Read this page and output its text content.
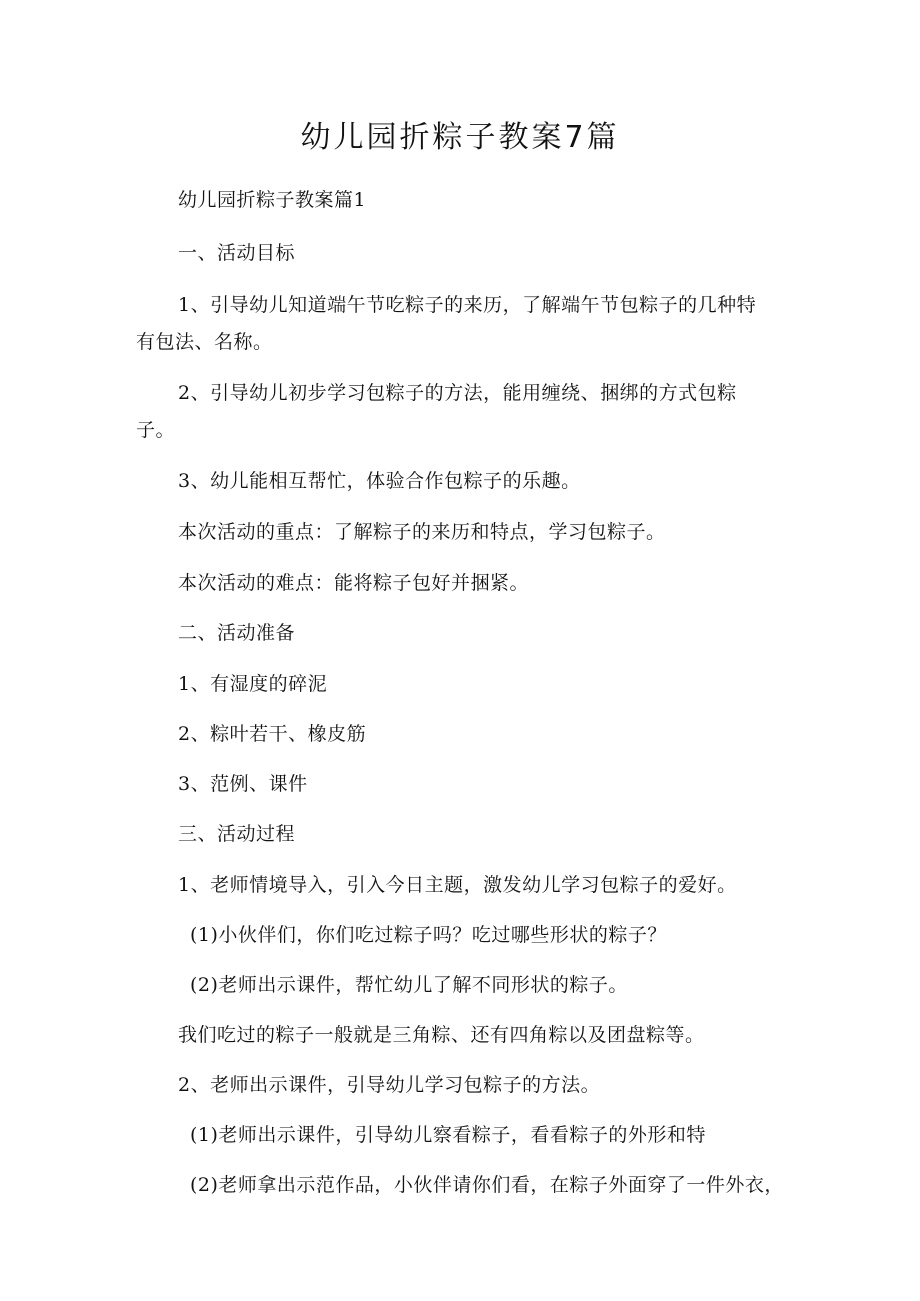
幼儿园折粽子教案7篇

幼儿园折粽子教案篇1

一、活动目标

1、引导幼儿知道端午节吃粽子的来历，了解端午节包粽子的几种特

有包法、名称。

2、引导幼儿初步学习包粽子的方法，能用缠绕、捆绑的方式包粽

子。

3、幼儿能相互帮忙，体验合作包粽子的乐趣。

本次活动的重点：了解粽子的来历和特点，学习包粽子。

本次活动的难点：能将粽子包好并捆紧。

二、活动准备

1、有湿度的碎泥

2、粽叶若干、橡皮筋

3、范例、课件

三、活动过程

1、老师情境导入，引入今日主题，激发幼儿学习包粽子的爱好。

(1)小伙伴们，你们吃过粽子吗？吃过哪些形状的粽子？

(2)老师出示课件，帮忙幼儿了解不同形状的粽子。

我们吃过的粽子一般就是三角粽、还有四角粽以及团盘粽等。

2、老师出示课件，引导幼儿学习包粽子的方法。

(1)老师出示课件，引导幼儿察看粽子，看看粽子的外形和特

(2)老师拿出示范作品，小伙伴请你们看，在粽子外面穿了一件外衣，
